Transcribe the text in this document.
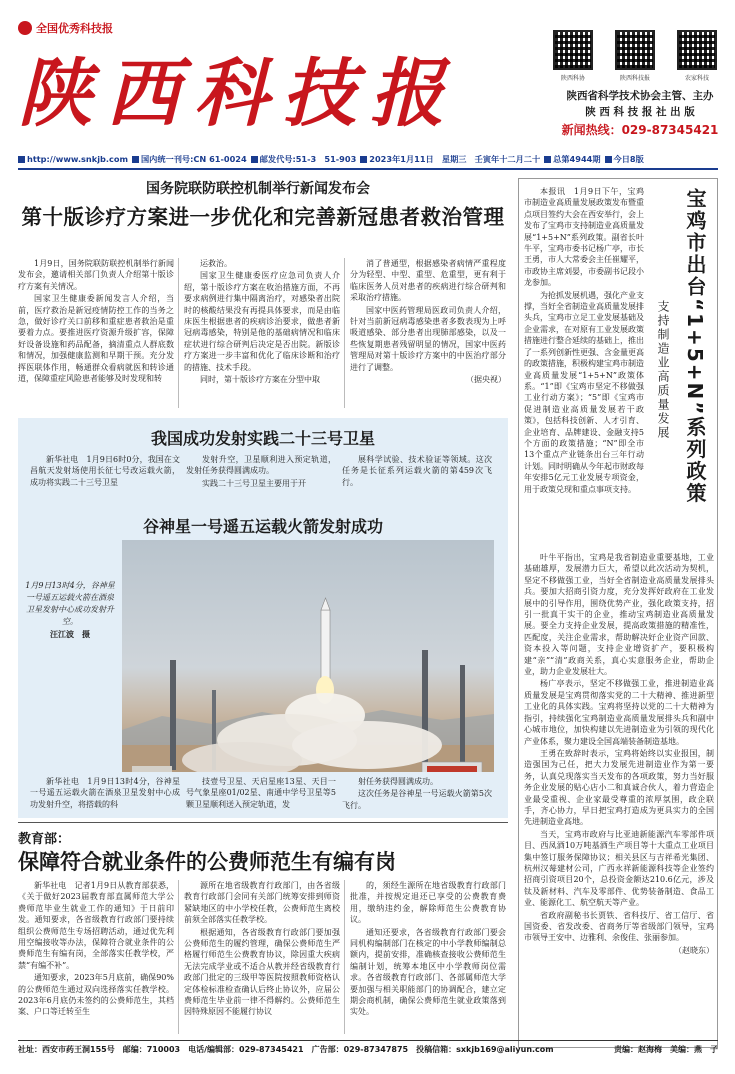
全国优秀科技报
陕西科技报	陕西科协	陕西科技报	农家科技
陕西省科学技术协会主管、主办
陕 西 科 技 报 社 出 版
新闻热线：029-87345421
http://www.snkjb.com 国内统一刊号:CN 61-0024 邮发代号:51-3　51-903 2023年1月11日　星期三　壬寅年十二月二十 总第4944期 今日8版
国务院联防联控机制举行新闻发布会
第十版诊疗方案进一步优化和完善新冠患者救治管理

1月9日，国务院联防联控机制举行新闻发布会，邀请相关部门负责人介绍第十版诊疗方案有关情况。

国家卫生健康委新闻发言人介绍，当前，医疗救治是新冠疫情防控工作的当务之急，做好诊疗关口前移和重症患者救治是重要着力点。要推进医疗资源升级扩容，保障好设备设施和药品配备，摘清重点人群底数和情况，加强健康监测和早期干预。充分发挥医联体作用，畅通群众看病就医和转诊通道，保障重症风险患者能够及时发现和转

运救治。

国家卫生健康委医疗应急司负责人介绍，第十版诊疗方案在收治措施方面，不再要求病例进行集中隔离治疗，对感染者出院时的核酸结果没有再提具体要求，而是由临床医生根据患者的疾病诊治要求，做患者新冠病毒感染，特别是他的基础病情况和临床症状进行综合研判后决定是否出院。新版诊疗方案进一步丰富和优化了临床诊断和治疗的措施、技术手段。

同时，第十版诊疗方案在分型中取

消了普通型，根据感染者病情严重程度分为轻型、中型、重型、危重型，更有利于临床医务人员对患者的疾病进行综合研判和采取治疗措施。

国家中医药管理局医政司负责人介绍，针对当前新冠病毒感染患者多数表现为上呼吸道感染、部分患者出现肺部感染，以及一些恢复期患者残留明显的情况，国家中医药管理局对第十版诊疗方案中的中医治疗部分进行了调整。

（据央视）

我国成功发射实践二十三号卫星

新华社电　1月9日6时0分，我国在文昌航天发射场使用长征七号改运载火箭，成功将实践二十三号卫星

发射升空，卫星顺利进入预定轨道，发射任务获得圆满成功。

实践二十三号卫星主要用于开

展科学试验、技术验证等领域。这次任务是长征系列运载火箭的第459次飞行。

谷神星一号遥五运载火箭发射成功
1月9日13时4分，谷神星一号遥五运载火箭在酒泉卫星发射中心成功发射升空。
汪江波　摄
教育部：
保障符合就业条件的公费师范生有编有岗

新华社电　记者1月9日从教育部获悉，《关于做好2023届教育部直属师范大学公费师范毕业生就业工作的通知》于日前印发。通知要求，各省级教育行政部门要持续组织公费师范生专场招聘活动，通过优先利用空编接收等办法，保障符合就业条件的公费师范生有编有岗，全部落实任教学校，严禁“有编不补”。

通知要求，2023年5月底前，确保90%的公费师范生通过双向选择落实任教学校。2023年6月底仍未签约的公费师范生，其档案、户口等迁转至生

源所在地省级教育行政部门，由各省级教育行政部门会同有关部门统筹安排到师资紧缺地区的中小学校任教，公费师范生离校前须全部落实任教学校。

根据通知，各省级教育行政部门要加强公费师范生的履约管理，确保公费师范生严格履行师范生公费教育协议，除因重大疾病无法完成学业或不适合从教并经省级教育行政部门批定的三级甲等医院按照教师资格认定体检标准检查确认后终止协议外，应届公费师范生毕业前一律不得解约。公费师范生因特殊原因不能履行协议

的，须经生源所在地省级教育行政部门批准，并按规定退还已享受的公费教育费用，缴纳违约金，解除师范生公费教育协议。

通知还要求，各省级教育行政部门要会同机构编制部门在核定的中小学教师编制总额内，提前安排，准确核查接收公费师范生编制计划，统筹本地区中小学教师岗位需求。各省级教育行政部门、各部属师范大学要加强与相关职能部门的协调配合，建立定期会商机制，确保公费师范生就业政策落到实处。

宝鸡市出台“1+5+N”系列政策
支持制造业高质量发展

本报讯　1月9日下午，宝鸡市制造业高质量发展政策发布暨重点项目签约大会在西安举行，会上发布了宝鸡市支持制造业高质量发展“1+5+N”系列政策。副省长叶牛平，宝鸡市委书记杨广亭，市长王勇，市人大常委会主任崔耀平，市政协主席刘晏，市委副书记段小龙参加。

为抢抓发展机遇，强化产业支撑，当好全省制造业高质量发展排头兵，宝鸡市立足工业发展基础及企业需求，在对原有工业发展政策措施进行整合延续的基础上，推出了一系列创新性更强、含金量更高的政策措施，积极构建宝鸡市制造业高质量发展“1+5+N”政策体系。“1”即《宝鸡市坚定不移做强工业行动方案》；“5”即《宝鸡市促进制造业高质量发展若干政策》，包括科技创新、人才引育、企业培育、品牌建设、金融支持5个方面的政策措施；“N”即全市13个重点产业链条出台三年行动计划。同时明确从今年起市财政每年安排5亿元工业发展专项资金，用于政策兑现和重点事项支持。

叶牛平指出，宝鸡是我省制造业重要基地，工业基础雄厚，发展潜力巨大，希望以此次活动为契机，坚定不移做强工业，当好全省制造业高质量发展排头兵。要加大招商引资力度，充分发挥好政府在工业发展中的引导作用，围绕优势产业，强化政策支持，招引一批真干实干的企业，推动宝鸡制造业高质量发展。要全力支持企业发展，提高政策措施的精准性，匹配度，关注企业需求，帮助解决好企业资产回款、资本投入等问题，支持企业增资扩产，要积极构建“亲”“清”政商关系，真心实意服务企业，帮助企业，助力企业发展壮大。

杨广亭表示，坚定不移做强工业，推进制造业高质量发展是宝鸡贯彻落实党的二十大精神、推进新型工业化的具体实践。宝鸡将坚持以党的二十大精神为指引，持续强化宝鸡制造业高质量发展排头兵和副中心城市地位，加快构建以先进制造业为引领的现代化产业体系，聚力建设全国高端装备制造基地。

王勇在致辞时表示，宝鸡将始终以实业报国，制造强国为己任，把大力发展先进制造业作为第一要务，认真兑现落实当天发布的各项政策，努力当好服务企业发展的贴心店小二和真诚合伙人，着力营造企业最受重视、企业家最受尊重的浓厚氛围，政企联手，齐心协力，早日把宝鸡打造成为更具实力的全国先进制造业高地。

当天，宝鸡市政府与比亚迪新能源汽车零部件项目、西凤酒10万吨基酒生产项目等十大重点工业项目集中签订服务保障协议；相关县区与吉祥希光集团、杭州汉莓建材公司，广西永祥新能源科技等企业签约招商引资项目20个，总投资金额达210.6亿元，涉及钛及新材料、汽车及零部件、优势装备制造、食品工业、能源化工、航空航天等产业。

省政府副秘书长贾铁、省科技厅、省工信厅、省国资委、省发改委、省商务厅等省级部门领导，宝鸡市领导王安中、边雅利、余俊佳、张丽参加。

（赵晓东）

社址：西安市药王洞155号　邮编：710003　电话/编辑部：029-87345421　广告部：029-87347875　投稿信箱：sxkjb169@aliyun.com	责编：赵海梅　美编：燕　子

新华社电　1月9日13时4分，谷神星一号遥五运载火箭在酒泉卫星发射中心成功发射升空，将搭载的科

技壹号卫星、天启星座13星、天目一号气象星座01/02星、南通中学号卫星等5颗卫星顺利送入预定轨道，发

射任务获得圆满成功。

这次任务是谷神星一号运载火箭第5次飞行。
